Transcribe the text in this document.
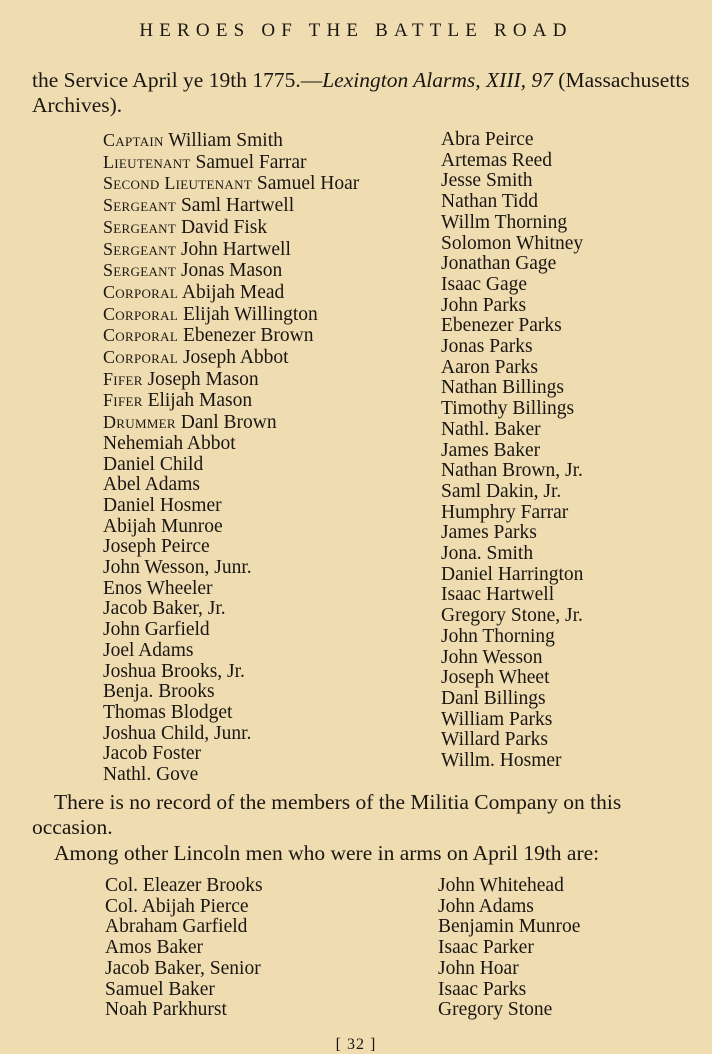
HEROES OF THE BATTLE ROAD

the Service April ye 19th 1775.—Lexington Alarms, XIII, 97 (Massachusetts Archives).

Captain William Smith
Lieutenant Samuel Farrar
Second Lieutenant Samuel Hoar
Sergeant Saml Hartwell
Sergeant David Fisk
Sergeant John Hartwell
Sergeant Jonas Mason
Corporal Abijah Mead
Corporal Elijah Willington
Corporal Ebenezer Brown
Corporal Joseph Abbot
Fifer Joseph Mason
Fifer Elijah Mason
Drummer Danl Brown
Nehemiah Abbot
Daniel Child
Abel Adams
Daniel Hosmer
Abijah Munroe
Joseph Peirce
John Wesson, Junr.
Enos Wheeler
Jacob Baker, Jr.
John Garfield
Joel Adams
Joshua Brooks, Jr.
Benja. Brooks
Thomas Blodget
Joshua Child, Junr.
Jacob Foster
Nathl. Gove
Abra Peirce
Artemas Reed
Jesse Smith
Nathan Tidd
Willm Thorning
Solomon Whitney
Jonathan Gage
Isaac Gage
John Parks
Ebenezer Parks
Jonas Parks
Aaron Parks
Nathan Billings
Timothy Billings
Nathl. Baker
James Baker
Nathan Brown, Jr.
Saml Dakin, Jr.
Humphry Farrar
James Parks
Jona. Smith
Daniel Harrington
Isaac Hartwell
Gregory Stone, Jr.
John Thorning
John Wesson
Joseph Wheet
Danl Billings
William Parks
Willard Parks
Willm. Hosmer

There is no record of the members of the Militia Company on this occasion.

Among other Lincoln men who were in arms on April 19th are:

Col. Eleazer Brooks
Col. Abijah Pierce
Abraham Garfield
Amos Baker
Jacob Baker, Senior
Samuel Baker
Noah Parkhurst
John Whitehead
John Adams
Benjamin Munroe
Isaac Parker
John Hoar
Isaac Parks
Gregory Stone
[ 32 ]
